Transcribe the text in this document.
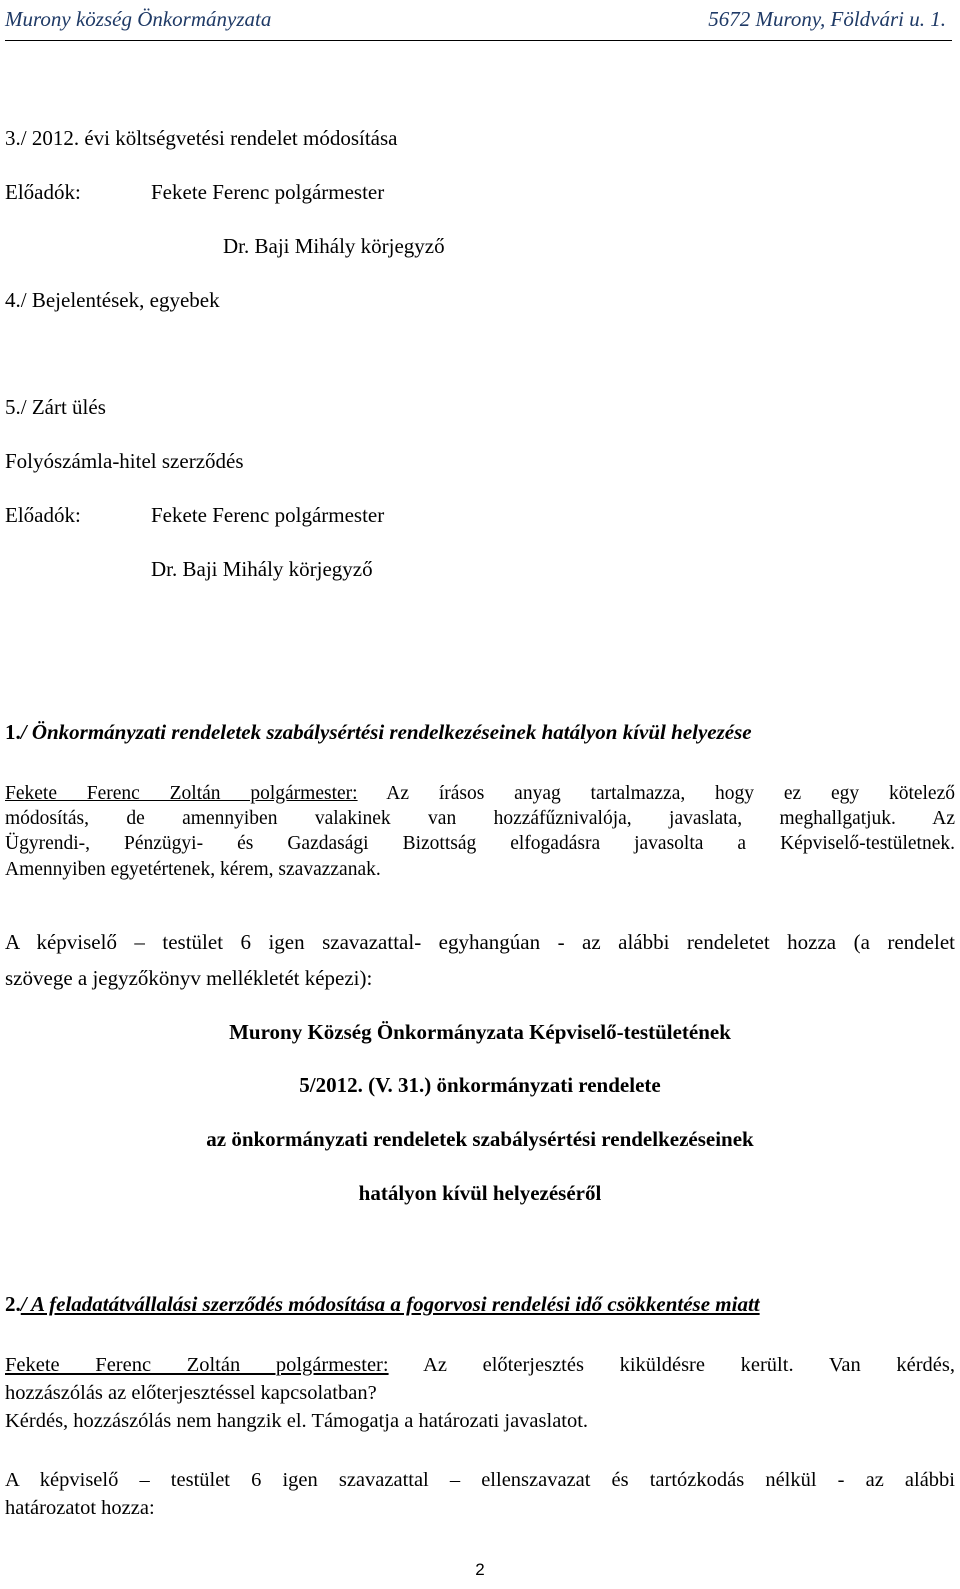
Murony község Önkormányzata	5672 Murony, Földvári u. 1.
3./ 2012. évi költségvetési rendelet módosítása
Előadók:	Fekete Ferenc polgármester
Dr. Baji Mihály körjegyző
4./ Bejelentések, egyebek
5./ Zárt ülés
Folyószámla-hitel szerződés
Előadók:	Fekete Ferenc polgármester
Dr. Baji Mihály körjegyző
1./ Önkormányzati rendeletek szabálysértési rendelkezéseinek hatályon kívül helyezése
Fekete Ferenc Zoltán polgármester: Az írásos anyag tartalmazza, hogy ez egy kötelező
módosítás, de amennyiben valakinek van hozzáfűznivalója, javaslata, meghallgatjuk. Az
Ügyrendi-, Pénzügyi- és Gazdasági Bizottság elfogadásra javasolta a Képviselő-testületnek.
Amennyiben egyetértenek, kérem, szavazzanak.
A képviselő – testület 6 igen szavazattal- egyhangúan - az alábbi rendeletet hozza (a rendelet
szövege a jegyzőkönyv mellékletét képezi):
Murony Község Önkormányzata Képviselő-testületének
5/2012. (V. 31.) önkormányzati rendelete
az önkormányzati rendeletek szabálysértési rendelkezéseinek
hatályon kívül helyezéséről
2./ A feladatátvállalási szerződés módosítása a fogorvosi rendelési idő csökkentése miatt
Fekete Ferenc Zoltán polgármester: Az előterjesztés kiküldésre került. Van kérdés,
hozzászólás az előterjesztéssel kapcsolatban?
Kérdés, hozzászólás nem hangzik el. Támogatja a határozati javaslatot.
A képviselő – testület 6 igen szavazattal – ellenszavazat és tartózkodás nélkül - az alábbi
határozatot hozza:
2
